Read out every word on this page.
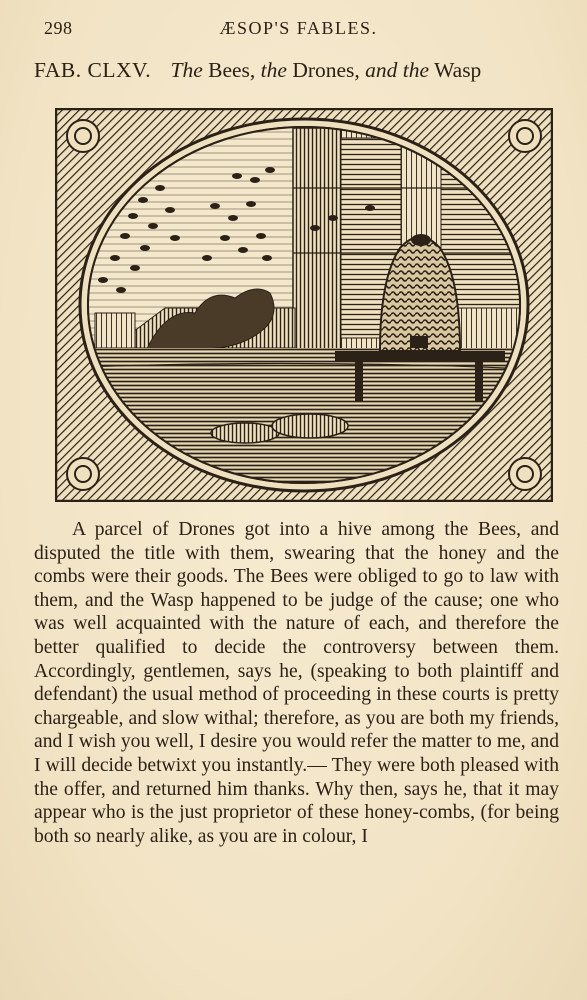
298	ÆSOP'S FABLES.
FAB. CLXV. The Bees, the Drones, and the Wasp

A parcel of Drones got into a hive among the Bees, and disputed the title with them, swearing that the honey and the combs were their goods. The Bees were obliged to go to law with them, and the Wasp happened to be judge of the cause; one who was well acquainted with the nature of each, and therefore the better qualified to decide the controversy between them. Accordingly, gentlemen, says he, (speaking to both plaintiff and defendant) the usual method of proceeding in these courts is pretty chargeable, and slow withal; therefore, as you are both my friends, and I wish you well, I desire you would refer the matter to me, and I will decide betwixt you instantly.— They were both pleased with the offer, and returned him thanks. Why then, says he, that it may appear who is the just proprietor of these honey-combs, (for being both so nearly alike, as you are in colour, I
